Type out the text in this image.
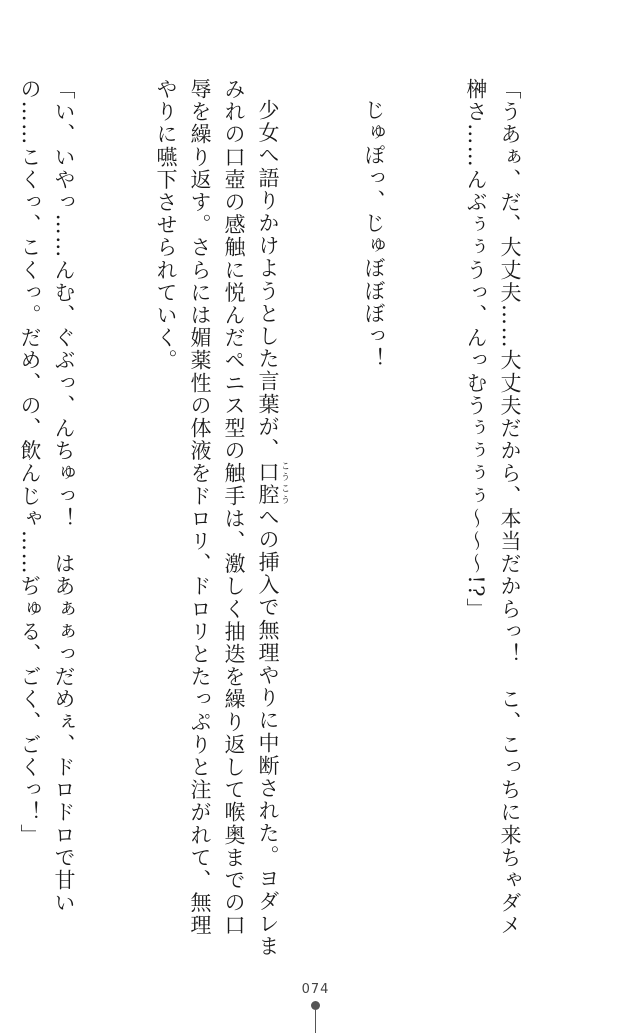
「うあぁ、だ、大丈夫……大丈夫だから、本当だからっ！　こ、こっちに来ちゃダメ榊さ……んぶぅぅうっ、んっむうぅぅぅぅ～～～!?」

じゅぽっ、じゅぼぼぼっ！

少女へ語りかけようとした言葉が、口腔 こうこうへの挿入で無理やりに中断された。ヨダレまみれの口壺の感触に悦んだペニス型の触手は、激しく抽迭を繰り返して喉奥までの口辱を繰り返す。さらには媚薬性の体液をドロリ、ドロリとたっぷりと注がれて、無理やりに嚥下させられていく。

「い、いやっ……んむ、ぐぶっ、んちゅっ！　はあぁぁっだめぇ、ドロドロで甘いの……こくっ、こくっ。だめ、の、飲んじゃ……ぢゅる、ごく、ごくっ！」

074
